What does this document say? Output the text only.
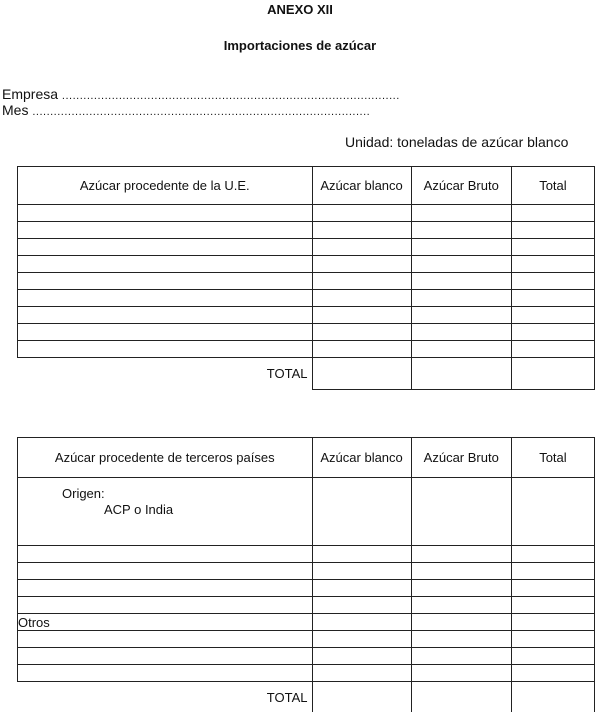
ANEXO XII
Importaciones de azúcar
Empresa ...............................................................................................
Mes ...............................................................................................
Unidad: toneladas de azúcar blanco
Azúcar procedente de la U.E.	Azúcar blanco	Azúcar Bruto	Total

TOTAL			
Azúcar procedente de terceros países	Azúcar blanco	Azúcar Bruto	Total

Origen:
ACP o India			

Otros			

TOTAL			
